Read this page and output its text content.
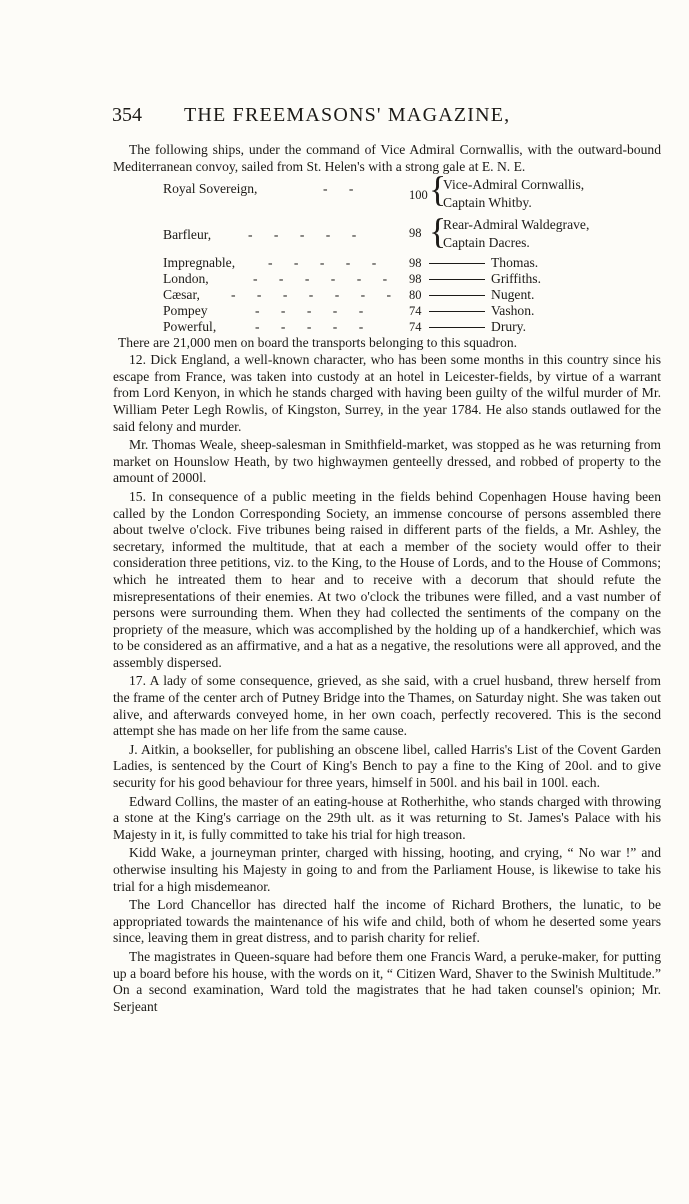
354	THE FREEMASONS' MAGAZINE,

The following ships, under the command of Vice Admiral Cornwallis, with the outward-bound Mediterranean convoy, sailed from St. Helen's with a strong gale at E. N. E.

Royal Sovereign,	- -	100 {
Vice-Admiral Cornwallis,
Captain Whitby.
Barfleur,	- - - - -	98 {
Rear-Admiral Waldegrave,
Captain Dacres.
Impregnable, - - - - - 98	Thomas.
London,	- - - - - - 98	Griffiths.
Cæsar, - - - - - - - 80	Nugent.
Pompey	- - - - -	74	Vashon.
Powerful,	- - - - -	74	Drury.
There are 21,000 men on board the transports belonging to this squadron.

12. Dick England, a well-known character, who has been some months in this country since his escape from France, was taken into custody at an hotel in Leicester-fields, by virtue of a warrant from Lord Kenyon, in which he stands charged with having been guilty of the wilful murder of Mr. William Peter Legh Rowlis, of Kingston, Surrey, in the year 1784. He also stands outlawed for the said felony and murder.

Mr. Thomas Weale, sheep-salesman in Smithfield-market, was stopped as he was returning from market on Hounslow Heath, by two highwaymen genteelly dressed, and robbed of property to the amount of 2000l.

15. In consequence of a public meeting in the fields behind Copenhagen House having been called by the London Corresponding Society, an immense concourse of persons assembled there about twelve o'clock. Five tribunes being raised in different parts of the fields, a Mr. Ashley, the secretary, informed the multitude, that at each a member of the society would offer to their consideration three petitions, viz. to the King, to the House of Lords, and to the House of Commons; which he intreated them to hear and to receive with a decorum that should refute the misrepresentations of their enemies. At two o'clock the tribunes were filled, and a vast number of persons were surrounding them. When they had collected the sentiments of the company on the propriety of the measure, which was accomplished by the holding up of a handkerchief, which was to be considered as an affirmative, and a hat as a negative, the resolutions were all approved, and the assembly dispersed.

17. A lady of some consequence, grieved, as she said, with a cruel husband, threw herself from the frame of the center arch of Putney Bridge into the Thames, on Saturday night. She was taken out alive, and afterwards conveyed home, in her own coach, perfectly recovered. This is the second attempt she has made on her life from the same cause.

J. Aitkin, a bookseller, for publishing an obscene libel, called Harris's List of the Covent Garden Ladies, is sentenced by the Court of King's Bench to pay a fine to the King of 20ol. and to give security for his good behaviour for three years, himself in 500l. and his bail in 100l. each.

Edward Collins, the master of an eating-house at Rotherhithe, who stands charged with throwing a stone at the King's carriage on the 29th ult. as it was returning to St. James's Palace with his Majesty in it, is fully committed to take his trial for high treason.

Kidd Wake, a journeyman printer, charged with hissing, hooting, and crying, “ No war !” and otherwise insulting his Majesty in going to and from the Parliament House, is likewise to take his trial for a high misdemeanor.

The Lord Chancellor has directed half the income of Richard Brothers, the lunatic, to be appropriated towards the maintenance of his wife and child, both of whom he deserted some years since, leaving them in great distress, and to parish charity for relief.

The magistrates in Queen-square had before them one Francis Ward, a peruke-maker, for putting up a board before his house, with the words on it, “ Citizen Ward, Shaver to the Swinish Multitude.” On a second examination, Ward told the magistrates that he had taken counsel's opinion; Mr. Serjeant
